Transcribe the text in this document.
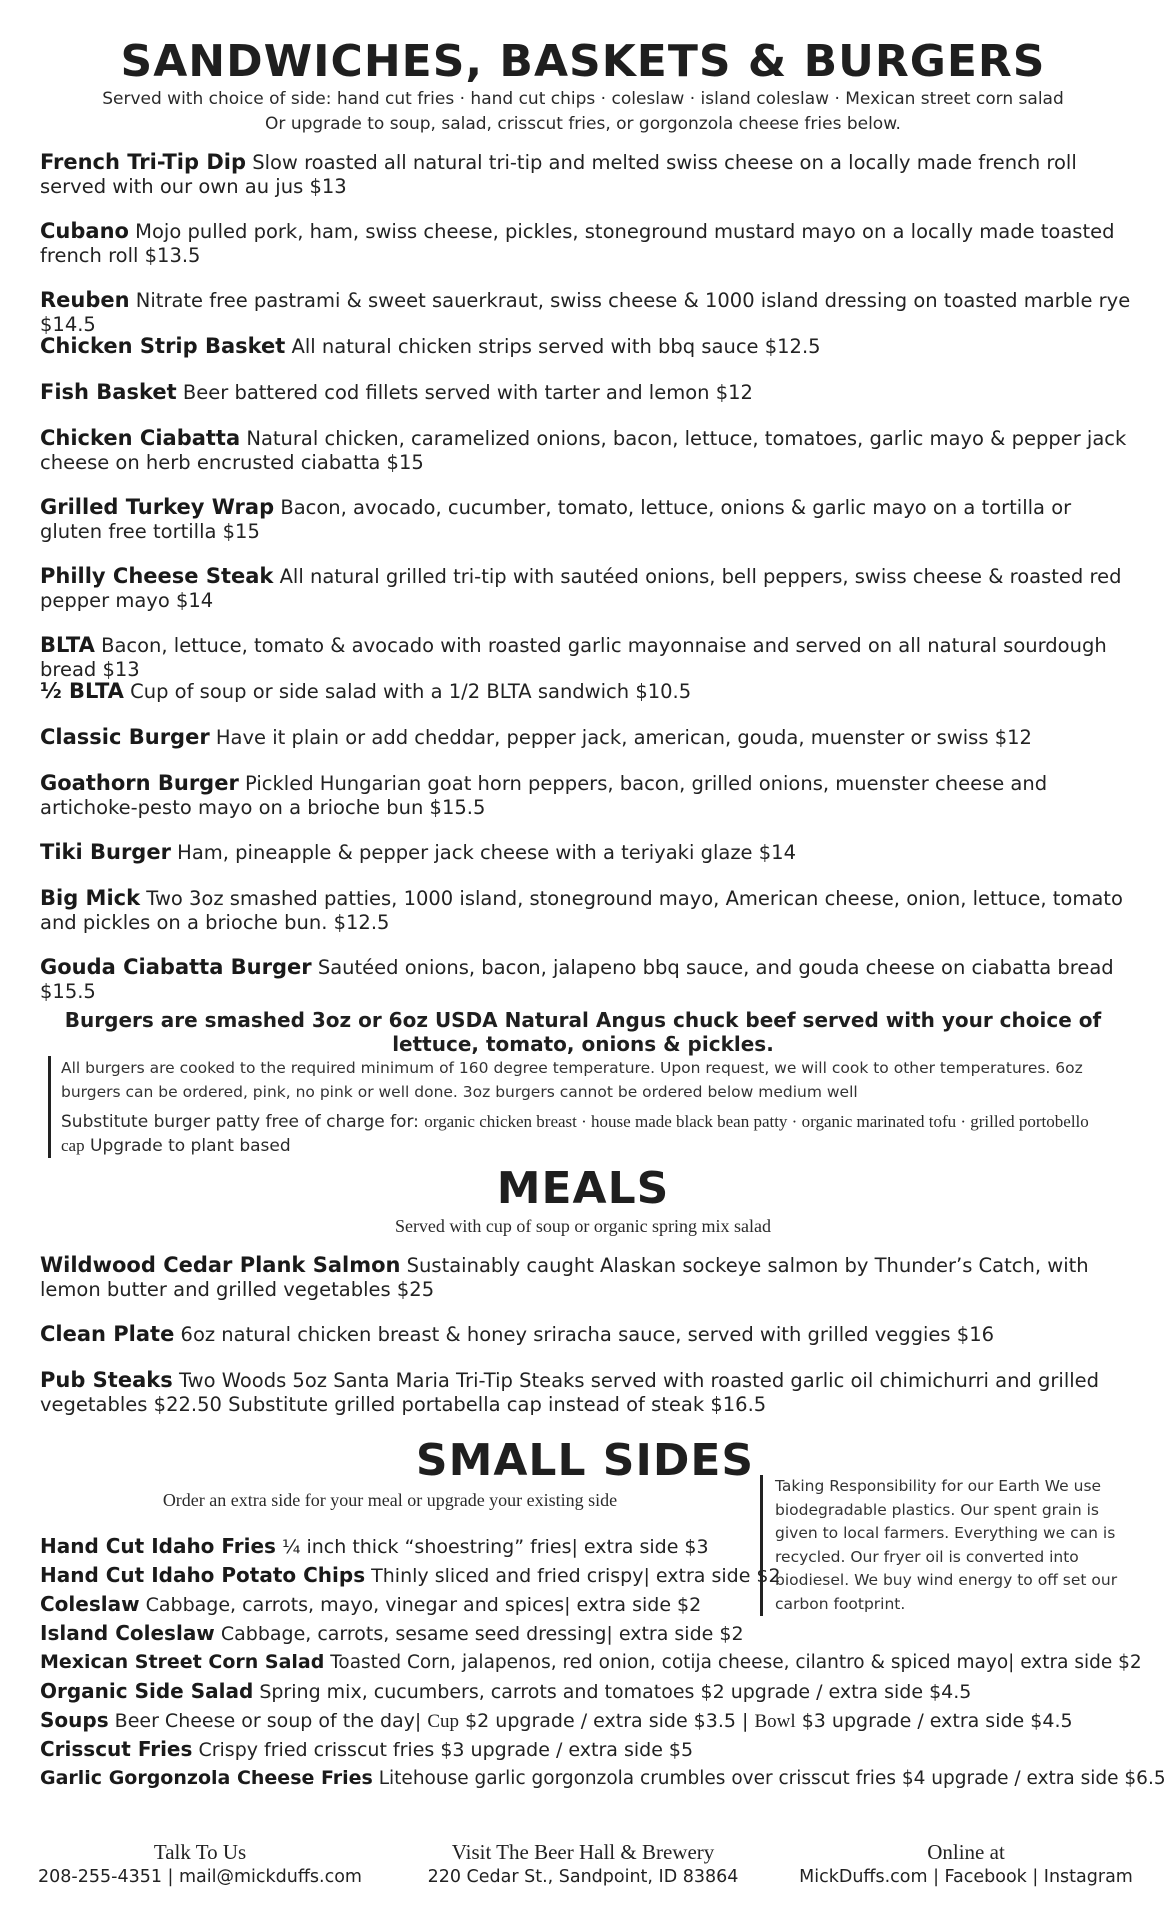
SANDWICHES, BASKETS & BURGERS
Served with choice of side: hand cut fries · hand cut chips · coleslaw · island coleslaw · Mexican street corn salad
Or upgrade to soup, salad, crisscut fries, or gorgonzola cheese fries below.
French Tri-Tip Dip Slow roasted all natural tri-tip and melted swiss cheese on a locally made french roll served with our own au jus $13
Cubano Mojo pulled pork, ham, swiss cheese, pickles, stoneground mustard mayo on a locally made toasted french roll $13.5
Reuben Nitrate free pastrami & sweet sauerkraut, swiss cheese & 1000 island dressing on toasted marble rye $14.5
Chicken Strip Basket All natural chicken strips served with bbq sauce $12.5
Fish Basket Beer battered cod fillets served with tarter and lemon $12
Chicken Ciabatta Natural chicken, caramelized onions, bacon, lettuce, tomatoes, garlic mayo & pepper jack cheese on herb encrusted ciabatta $15
Grilled Turkey Wrap Bacon, avocado, cucumber, tomato, lettuce, onions & garlic mayo on a tortilla or gluten free tortilla $15
Philly Cheese Steak All natural grilled tri-tip with sautéed onions, bell peppers, swiss cheese & roasted red pepper mayo $14
BLTA Bacon, lettuce, tomato & avocado with roasted garlic mayonnaise and served on all natural sourdough bread $13
½ BLTA Cup of soup or side salad with a 1/2 BLTA sandwich $10.5
Classic Burger Have it plain or add cheddar, pepper jack, american, gouda, muenster or swiss $12
Goathorn Burger Pickled Hungarian goat horn peppers, bacon, grilled onions, muenster cheese and artichoke-pesto mayo on a brioche bun $15.5
Tiki Burger Ham, pineapple & pepper jack cheese with a teriyaki glaze $14
Big Mick Two 3oz smashed patties, 1000 island, stoneground mayo, American cheese, onion, lettuce, tomato and pickles on a brioche bun. $12.5
Gouda Ciabatta Burger Sautéed onions, bacon, jalapeno bbq sauce, and gouda cheese on ciabatta bread $15.5
Burgers are smashed 3oz or 6oz USDA Natural Angus chuck beef served with your choice of lettuce, tomato, onions & pickles.
All burgers are cooked to the required minimum of 160 degree temperature. Upon request, we will cook to other temperatures. 6oz burgers can be ordered, pink, no pink or well done. 3oz burgers cannot be ordered below medium well
Substitute burger patty free of charge for: organic chicken breast · house made black bean patty · organic marinated tofu · grilled portobello cap Upgrade to plant based
MEALS
Served with cup of soup or organic spring mix salad
Wildwood Cedar Plank Salmon Sustainably caught Alaskan sockeye salmon by Thunder’s Catch, with lemon butter and grilled vegetables $25
Clean Plate 6oz natural chicken breast & honey sriracha sauce, served with grilled veggies $16
Pub Steaks Two Woods 5oz Santa Maria Tri-Tip Steaks served with roasted garlic oil chimichurri and grilled vegetables $22.50 Substitute grilled portabella cap instead of steak $16.5
SMALL SIDES
Order an extra side for your meal or upgrade your existing side
Taking Responsibility for our Earth We use biodegradable plastics. Our spent grain is given to local farmers. Everything we can is recycled. Our fryer oil is converted into biodiesel. We buy wind energy to off set our carbon footprint.
Hand Cut Idaho Fries ¼ inch thick “shoestring” fries| extra side $3
Hand Cut Idaho Potato Chips Thinly sliced and fried crispy| extra side $2
Coleslaw Cabbage, carrots, mayo, vinegar and spices| extra side $2
Island Coleslaw Cabbage, carrots, sesame seed dressing| extra side $2
Mexican Street Corn Salad Toasted Corn, jalapenos, red onion, cotija cheese, cilantro & spiced mayo| extra side $2
Organic Side Salad Spring mix, cucumbers, carrots and tomatoes $2 upgrade / extra side $4.5
Soups Beer Cheese or soup of the day| Cup $2 upgrade / extra side $3.5 | Bowl $3 upgrade / extra side $4.5
Crisscut Fries Crispy fried crisscut fries $3 upgrade / extra side $5
Garlic Gorgonzola Cheese Fries Litehouse garlic gorgonzola crumbles over crisscut fries $4 upgrade / extra side $6.5
Talk To Us
208-255-4351 | mail@mickduffs.com
Visit The Beer Hall & Brewery
220 Cedar St., Sandpoint, ID 83864
Online at
MickDuffs.com | Facebook | Instagram
